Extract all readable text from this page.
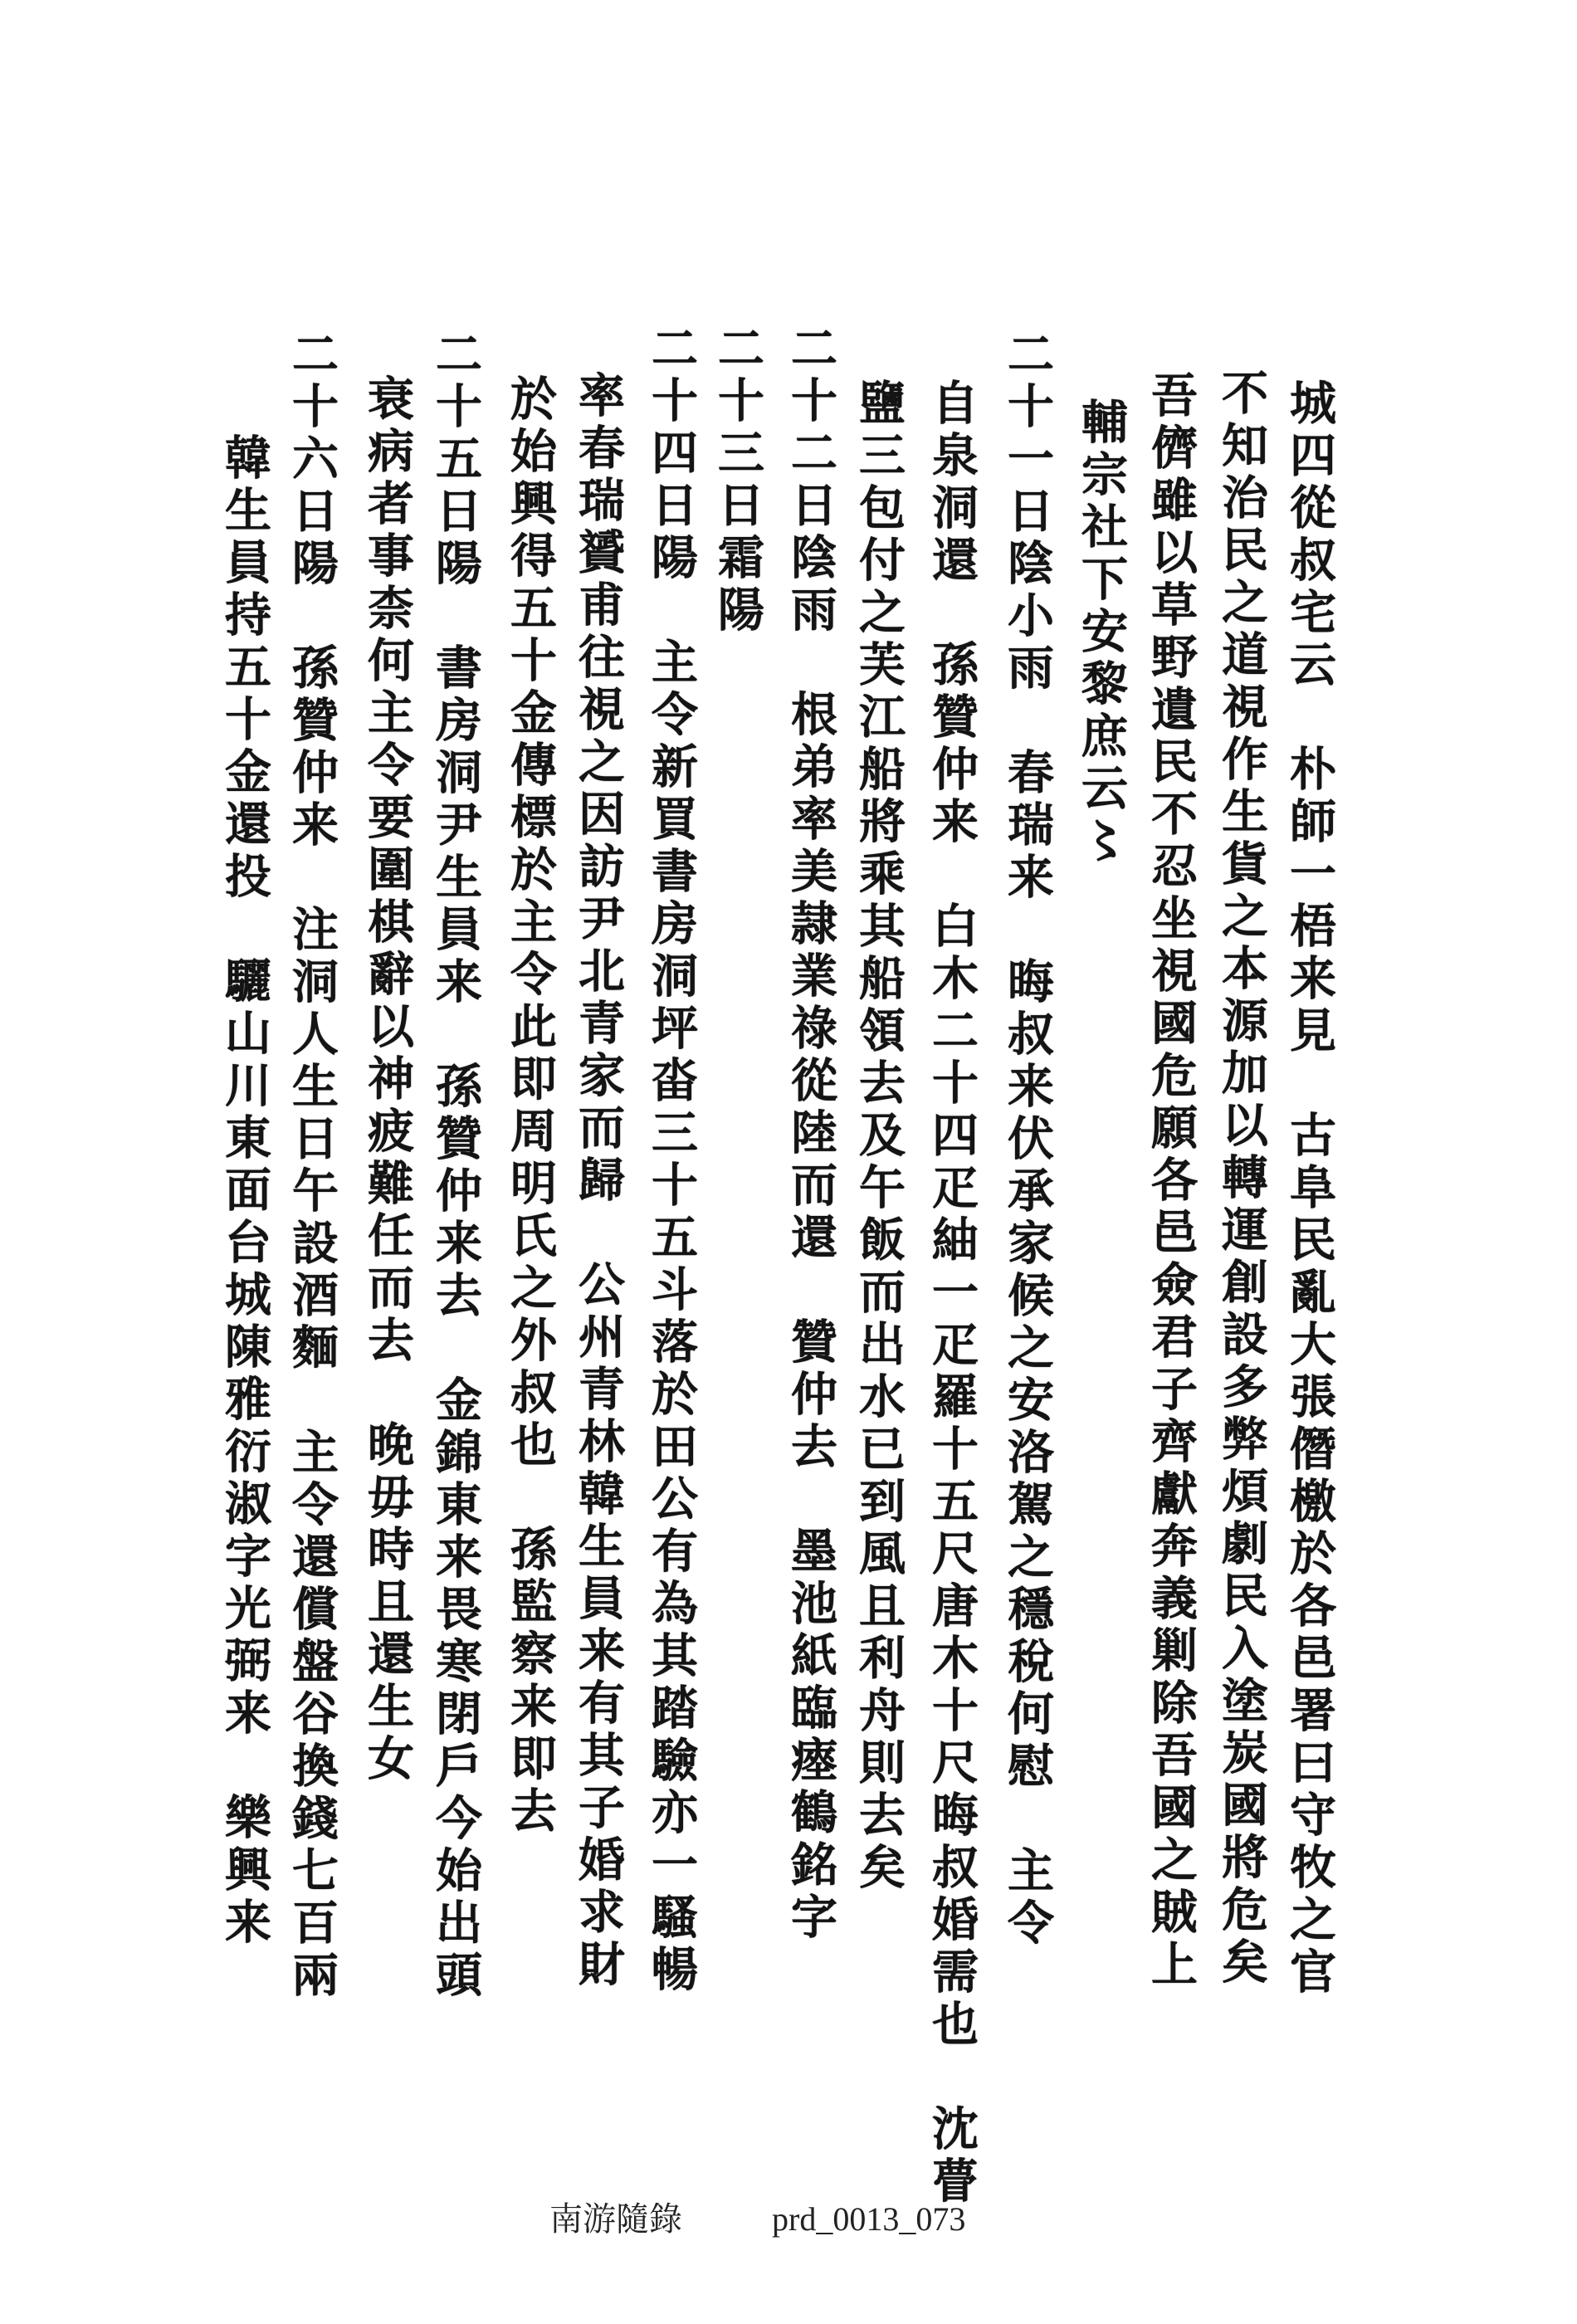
城四從叔宅云　朴師一梧来見　古阜民亂大張僭檄於各邑署曰守牧之官
不知治民之道視作生貨之本源加以轉運創設多弊煩劇民入塗炭國將危矣
吾儕雖以草野遺民不忍坐視國危願各邑僉君子齊獻奔義剿除吾國之賊上
輔宗社下安黎庶云〻
二十一日陰小雨　春瑞来　晦叔来伏承家候之安洛駕之穩稅何慰　主令
自泉洞還　孫贊仲来　白木二十四疋紬一疋羅十五尺唐木十尺晦叔婚需也　沈瞢
鹽三包付之芙江船將乘其船領去及午飯而出水已到風且利舟則去矣
二十二日陰雨　根弟率美隷業祿從陸而還　贊仲去　墨池紙臨瘞鶴銘字
二十三日霜陽
二十四日陽　主令新買書房洞坪畓三十五斗落於田公有為其踏驗亦一騷暢
率春瑞贇甫往視之因訪尹北青家而歸　公州青林韓生員来有其子婚求財
於始興得五十金傳標於主令此即周明氏之外叔也　孫監察来即去
二十五日陽　書房洞尹生員来　孫贊仲来去　金錦東来畏寒閉戶今始出頭
衰病者事柰何主令要圍棋辭以神疲難任而去　晚毋時且還生女
二十六日陽　孫贊仲来　注洞人生日午設酒麵　主令還償盤谷換錢七百兩
韓生員持五十金還投　驪山川東面台城陳雅衍淑字光弼来　樂興来
南游隨錄	prd_0013_073
